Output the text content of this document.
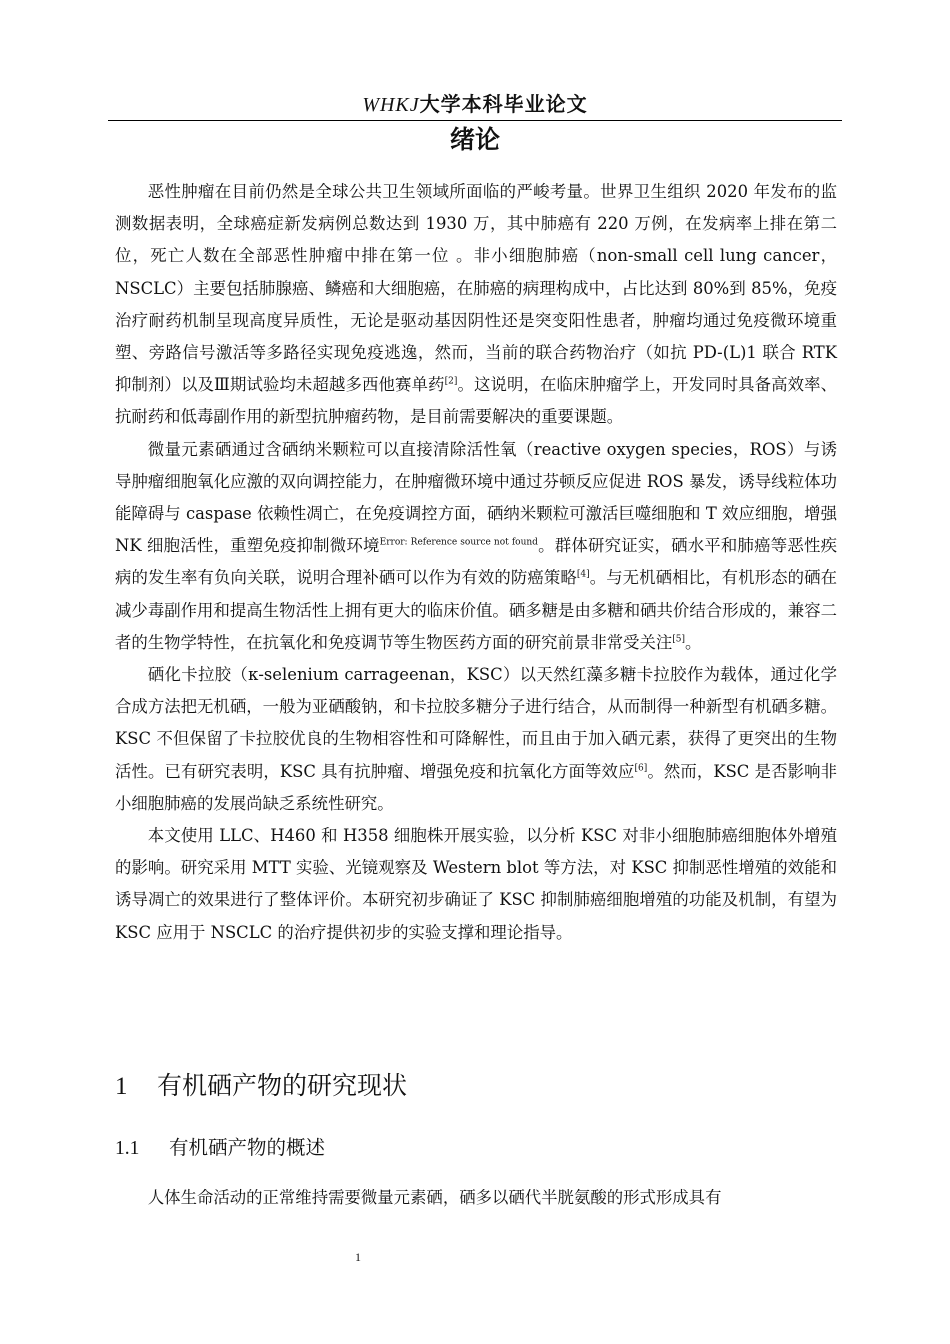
WHKJ大学本科毕业论文
绪论

恶性肿瘤在目前仍然是全球公共卫生领域所面临的严峻考量。世界卫生组织 2020 年发布的监测数据表明，全球癌症新发病例总数达到 1930 万，其中肺癌有 220 万例，在发病率上排在第二位，死亡人数在全部恶性肿瘤中排在第一位 。非小细胞肺癌（non-small cell lung cancer，NSCLC）主要包括肺腺癌、鳞癌和大细胞癌，在肺癌的病理构成中，占比达到 80%到 85%，免疫治疗耐药机制呈现高度异质性，无论是驱动基因阴性还是突变阳性患者，肿瘤均通过免疫微环境重塑、旁路信号激活等多路径实现免疫逃逸，然而，当前的联合药物治疗（如抗 PD-(L)1 联合 RTK 抑制剂）以及Ⅲ期试验均未超越多西他赛单药[2]。这说明，在临床肿瘤学上，开发同时具备高效率、抗耐药和低毒副作用的新型抗肿瘤药物，是目前需要解决的重要课题。

微量元素硒通过含硒纳米颗粒可以直接清除活性氧（reactive oxygen species，ROS）与诱导肿瘤细胞氧化应激的双向调控能力，在肿瘤微环境中通过芬顿反应促进 ROS 暴发，诱导线粒体功能障碍与 caspase 依赖性凋亡，在免疫调控方面，硒纳米颗粒可激活巨噬细胞和 T 效应细胞，增强 NK 细胞活性，重塑免疫抑制微环境$^{Error: Reference source not found}$。群体研究证实，硒水平和肺癌等恶性疾病的发生率有负向关联，说明合理补硒可以作为有效的防癌策略[4]。与无机硒相比，有机形态的硒在减少毒副作用和提高生物活性上拥有更大的临床价值。硒多糖是由多糖和硒共价结合形成的，兼容二者的生物学特性，在抗氧化和免疫调节等生物医药方面的研究前景非常受关注[5]。

硒化卡拉胶（κ-selenium carrageenan，KSC）以天然红藻多糖卡拉胶作为载体，通过化学合成方法把无机硒，一般为亚硒酸钠，和卡拉胶多糖分子进行结合，从而制得一种新型有机硒多糖。KSC 不但保留了卡拉胶优良的生物相容性和可降解性，而且由于加入硒元素，获得了更突出的生物活性。已有研究表明，KSC 具有抗肿瘤、增强免疫和抗氧化方面等效应[6]。然而，KSC 是否影响非小细胞肺癌的发展尚缺乏系统性研究。

本文使用 LLC、H460 和 H358 细胞株开展实验，以分析 KSC 对非小细胞肺癌细胞体外增殖的影响。研究采用 MTT 实验、光镜观察及 Western blot 等方法，对 KSC 抑制恶性增殖的效能和诱导凋亡的效果进行了整体评价。本研究初步确证了 KSC 抑制肺癌细胞增殖的功能及机制，有望为 KSC 应用于 NSCLC 的治疗提供初步的实验支撑和理论指导。

1 有机硒产物的研究现状
1.1 有机硒产物的概述
人体生命活动的正常维持需要微量元素硒，硒多以硒代半胱氨酸的形式形成具有
1
